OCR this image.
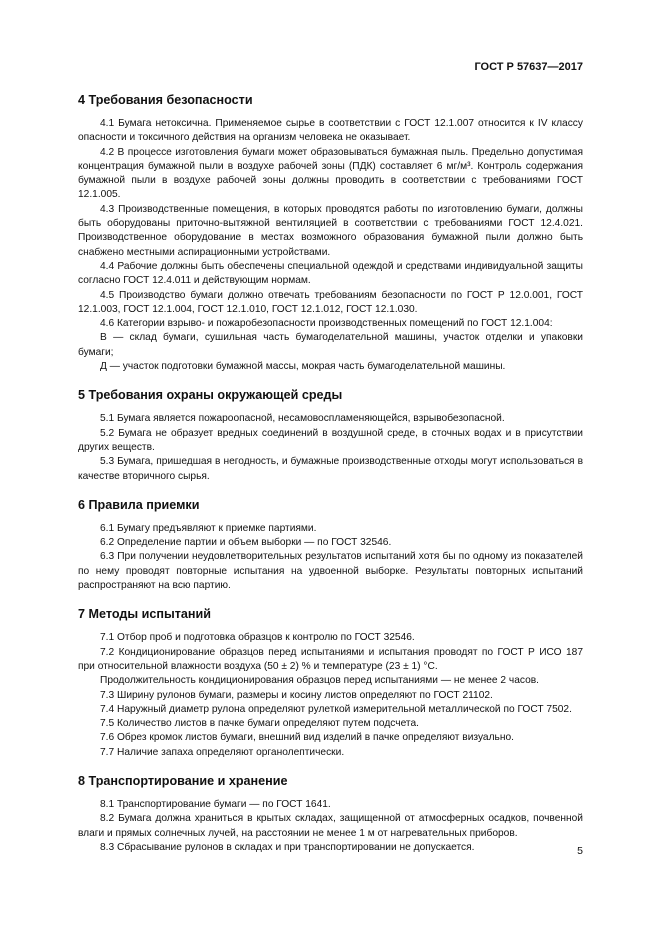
ГОСТ Р 57637—2017
4 Требования безопасности

4.1 Бумага нетоксична. Применяемое сырье в соответствии с ГОСТ 12.1.007 относится к IV классу опасности и токсичного действия на организм человека не оказывает.

4.2 В процессе изготовления бумаги может образовываться бумажная пыль. Предельно допустимая концентрация бумажной пыли в воздухе рабочей зоны (ПДК) составляет 6 мг/м³. Контроль содержания бумажной пыли в воздухе рабочей зоны должны проводить в соответствии с требованиями ГОСТ 12.1.005.

4.3 Производственные помещения, в которых проводятся работы по изготовлению бумаги, должны быть оборудованы приточно-вытяжной вентиляцией в соответствии с требованиями ГОСТ 12.4.021. Производственное оборудование в местах возможного образования бумажной пыли должно быть снабжено местными аспирационными устройствами.

4.4 Рабочие должны быть обеспечены специальной одеждой и средствами индивидуальной защиты согласно ГОСТ 12.4.011 и действующим нормам.

4.5 Производство бумаги должно отвечать требованиям безопасности по ГОСТ Р 12.0.001, ГОСТ 12.1.003, ГОСТ 12.1.004, ГОСТ 12.1.010, ГОСТ 12.1.012, ГОСТ 12.1.030.

4.6 Категории взрыво- и пожаробезопасности производственных помещений по ГОСТ 12.1.004:

В — склад бумаги, сушильная часть бумагоделательной машины, участок отделки и упаковки бумаги;

Д — участок подготовки бумажной массы, мокрая часть бумагоделательной машины.

5 Требования охраны окружающей среды

5.1 Бумага является пожароопасной, несамовоспламеняющейся, взрывобезопасной.

5.2 Бумага не образует вредных соединений в воздушной среде, в сточных водах и в присутствии других веществ.

5.3 Бумага, пришедшая в негодность, и бумажные производственные отходы могут использоваться в качестве вторичного сырья.

6 Правила приемки

6.1 Бумагу предъявляют к приемке партиями.

6.2 Определение партии и объем выборки — по ГОСТ 32546.

6.3 При получении неудовлетворительных результатов испытаний хотя бы по одному из показателей по нему проводят повторные испытания на удвоенной выборке. Результаты повторных испытаний распространяют на всю партию.

7 Методы испытаний

7.1 Отбор проб и подготовка образцов к контролю по ГОСТ 32546.

7.2 Кондиционирование образцов перед испытаниями и испытания проводят по ГОСТ Р ИСО 187 при относительной влажности воздуха (50 ± 2) % и температуре (23 ± 1) °С.

Продолжительность кондиционирования образцов перед испытаниями — не менее 2 часов.

7.3 Ширину рулонов бумаги, размеры и косину листов определяют по ГОСТ 21102.

7.4 Наружный диаметр рулона определяют рулеткой измерительной металлической по ГОСТ 7502.

7.5 Количество листов в пачке бумаги определяют путем подсчета.

7.6 Обрез кромок листов бумаги, внешний вид изделий в пачке определяют визуально.

7.7 Наличие запаха определяют органолептически.

8 Транспортирование и хранение

8.1 Транспортирование бумаги — по ГОСТ 1641.

8.2 Бумага должна храниться в крытых складах, защищенной от атмосферных осадков, почвенной влаги и прямых солнечных лучей, на расстоянии не менее 1 м от нагревательных приборов.

8.3 Сбрасывание рулонов в складах и при транспортировании не допускается.	5
